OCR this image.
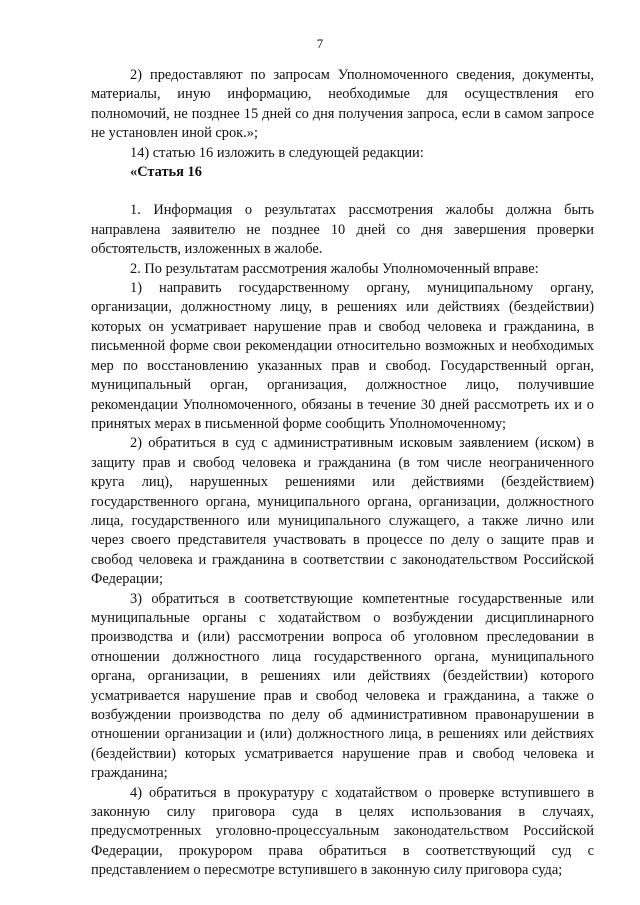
7

2) предоставляют по запросам Уполномоченного сведения, документы, материалы, иную информацию, необходимые для осуществления его полномочий, не позднее 15 дней со дня получения запроса, если в самом запросе не установлен иной срок.»;

14) статью 16 изложить в следующей редакции:

«Статья 16

1. Информация о результатах рассмотрения жалобы должна быть направлена заявителю не позднее 10 дней со дня завершения проверки обстоятельств, изложенных в жалобе.

2. По результатам рассмотрения жалобы Уполномоченный вправе:

1) направить государственному органу, муниципальному органу, организации, должностному лицу, в решениях или действиях (бездействии) которых он усматривает нарушение прав и свобод человека и гражданина, в письменной форме свои рекомендации относительно возможных и необходимых мер по восстановлению указанных прав и свобод. Государственный орган, муниципальный орган, организация, должностное лицо, получившие рекомендации Уполномоченного, обязаны в течение 30 дней рассмотреть их и о принятых мерах в письменной форме сообщить Уполномоченному;

2) обратиться в суд с административным исковым заявлением (иском) в защиту прав и свобод человека и гражданина (в том числе неограниченного круга лиц), нарушенных решениями или действиями (бездействием) государственного органа, муниципального органа, организации, должностного лица, государственного или муниципального служащего, а также лично или через своего представителя участвовать в процессе по делу о защите прав и свобод человека и гражданина в соответствии с законодательством Российской Федерации;

3) обратиться в соответствующие компетентные государственные или муниципальные органы с ходатайством о возбуждении дисциплинарного производства и (или) рассмотрении вопроса об уголовном преследовании в отношении должностного лица государственного органа, муниципального органа, организации, в решениях или действиях (бездействии) которого усматривается нарушение прав и свобод человека и гражданина, а также о возбуждении производства по делу об административном правонарушении в отношении организации и (или) должностного лица, в решениях или действиях (бездействии) которых усматривается нарушение прав и свобод человека и гражданина;

4) обратиться в прокуратуру с ходатайством о проверке вступившего в законную силу приговора суда в целях использования в случаях, предусмотренных уголовно-процессуальным законодательством Российской Федерации, прокурором права обратиться в соответствующий суд с представлением о пересмотре вступившего в законную силу приговора суда;
